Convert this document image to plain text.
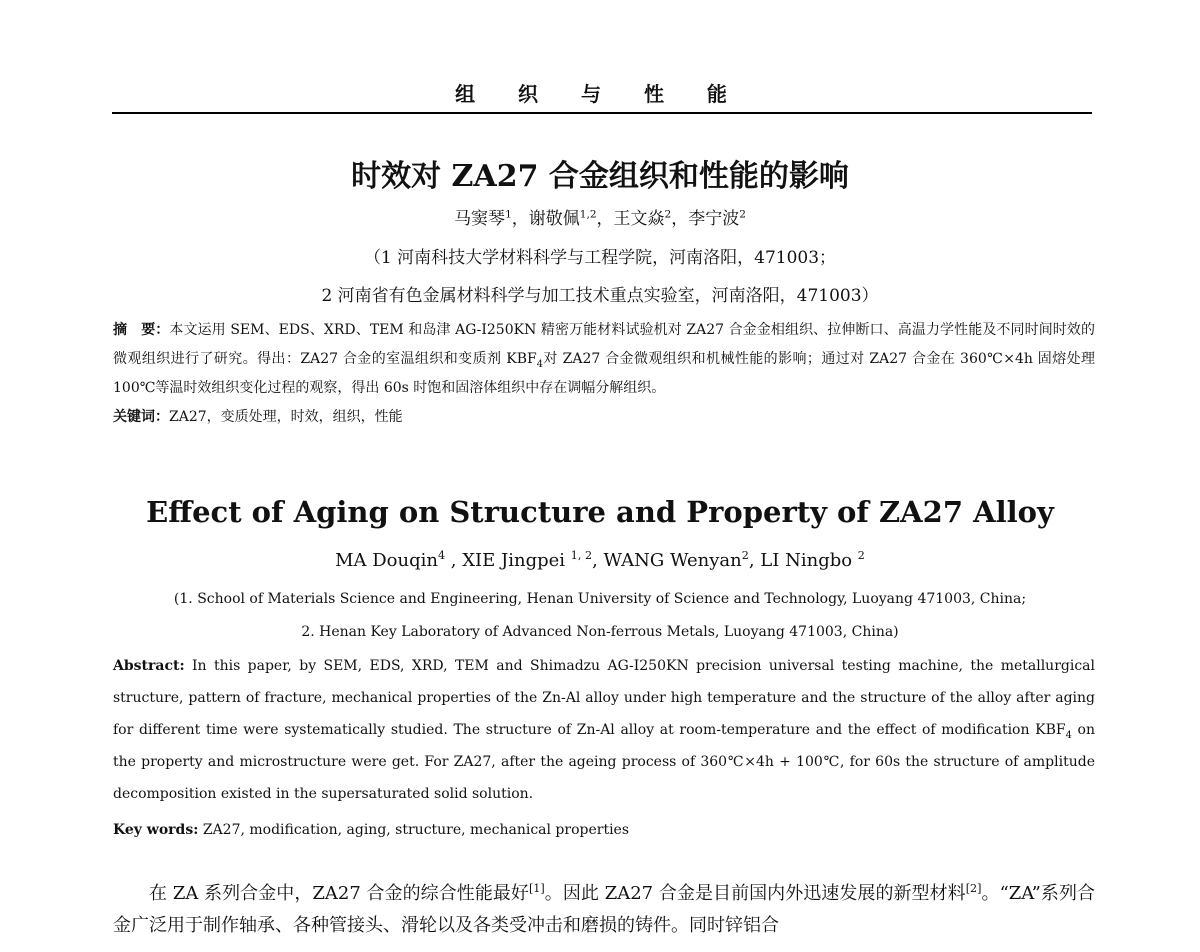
组 织 与 性 能
时效对 ZA27 合金组织和性能的影响
马窦琴$^1$，谢敬佩$^{1,2}$，王文焱$^2$，李宁波$^2$
（1 河南科技大学材料科学与工程学院，河南洛阳，471003；
2 河南省有色金属材料科学与加工技术重点实验室，河南洛阳，471003）
摘　要：本文运用 SEM、EDS、XRD、TEM 和岛津 AG-I250KN 精密万能材料试验机对 ZA27 合金金相组织、拉伸断口、高温力学性能及不同时间时效的微观组织进行了研究。得出：ZA27 合金的室温组织和变质剂 $KBF_4$对 ZA27 合金微观组织和机械性能的影响；通过对 ZA27 合金在 360℃×4h 固熔处理 100℃等温时效组织变化过程的观察，得出 60s 时饱和固溶体组织中存在调幅分解组织。
关键词：ZA27，变质处理，时效，组织，性能
Effect of Aging on Structure and Property of ZA27 Alloy
MA Douqin$^4$ , XIE Jingpei $^{1, 2}$, WANG Wenyan$^2$, LI Ningbo $^2$
(1. School of Materials Science and Engineering, Henan University of Science and Technology, Luoyang 471003, China;
2. Henan Key Laboratory of Advanced Non-ferrous Metals, Luoyang 471003, China)
Abstract: In this paper, by SEM, EDS, XRD, TEM and Shimadzu AG-I250KN precision universal testing machine, the metallurgical structure, pattern of fracture, mechanical properties of the Zn-Al alloy under high temperature and the structure of the alloy after aging for different time were systematically studied. The structure of Zn-Al alloy at room-temperature and the effect of modification $KBF_4$ on the property and microstructure were get. For ZA27, after the ageing process of 360℃×4h + 100℃, for 60s the structure of amplitude decomposition existed in the supersaturated solid solution.
Key words: ZA27, modification, aging, structure, mechanical properties
在 ZA 系列合金中，ZA27 合金的综合性能最好[1]。因此 ZA27 合金是目前国内外迅速发展的新型材料[2]。“ZA”系列合金广泛用于制作轴承、各种管接头、滑轮以及各类受冲击和磨损的铸件。同时锌铝合
